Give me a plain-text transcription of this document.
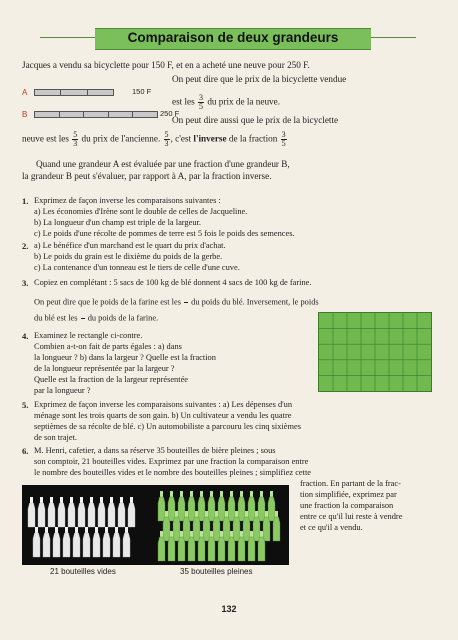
Comparaison de deux grandeurs
Jacques a vendu sa bicyclette pour 150 F, et en a acheté une neuve pour 250 F.
A	150 F
B	250 F
On peut dire que le prix de la bicyclette vendue
est les $\frac{3}{5}$ du prix de la neuve.
On peut dire aussi que le prix de la bicyclette
neuve est les $\frac{5}{3}$ du prix de l'ancienne. $\frac{5}{3}$ , c'est l'inverse de la fraction $\frac{3}{5}$
Quand une grandeur A est évaluée par une fraction d'une grandeur B,
la grandeur B peut s'évaluer, par rapport à A, par la fraction inverse.
1. Exprimez de façon inverse les comparaisons suivantes :
a) Les économies d'Irène sont le double de celles de Jacqueline.
b) La longueur d'un champ est triple de la largeur.
c) Le poids d'une récolte de pommes de terre est 5 fois le poids des semences.
2. a) Le bénéfice d'un marchand est le quart du prix d'achat.
b) Le poids du grain est le dixième du poids de la gerbe.
c) La contenance d'un tonneau est le tiers de celle d'une cuve.
3. Copiez en complétant : 5 sacs de 100 kg de blé donnent 4 sacs de 100 kg de farine.
On peut dire que le poids de la farine est les

du poids du blé. Inversement, le poids
du blé est les

du poids de la farine.
4. Examinez le rectangle ci-contre.
Combien a-t-on fait de parts égales : a) dans
la longueur ? b) dans la largeur ? Quelle est la fraction
de la longueur représentée par la largeur ?
Quelle est la fraction de la largeur représentée
par la longueur ?
5. Exprimez de façon inverse les comparaisons suivantes : a) Les dépenses d'un
ménage sont les trois quarts de son gain. b) Un cultivateur a vendu les quatre
septièmes de sa récolte de blé. c) Un automobiliste a parcouru les cinq sixièmes
de son trajet.
6. M. Henri, cafetier, a dans sa réserve 35 bouteilles de bière pleines ; sous
son comptoir, 21 bouteilles vides. Exprimez par une fraction la comparaison entre
le nombre des bouteilles vides et le nombre des bouteilles pleines ; simplifiez cette
fraction. En partant de la frac-
tion simplifiée, exprimez par
une fraction la comparaison
entre ce qu'il lui reste à vendre
et ce qu'il a vendu.
21 bouteilles vides	35 bouteilles pleines
132
